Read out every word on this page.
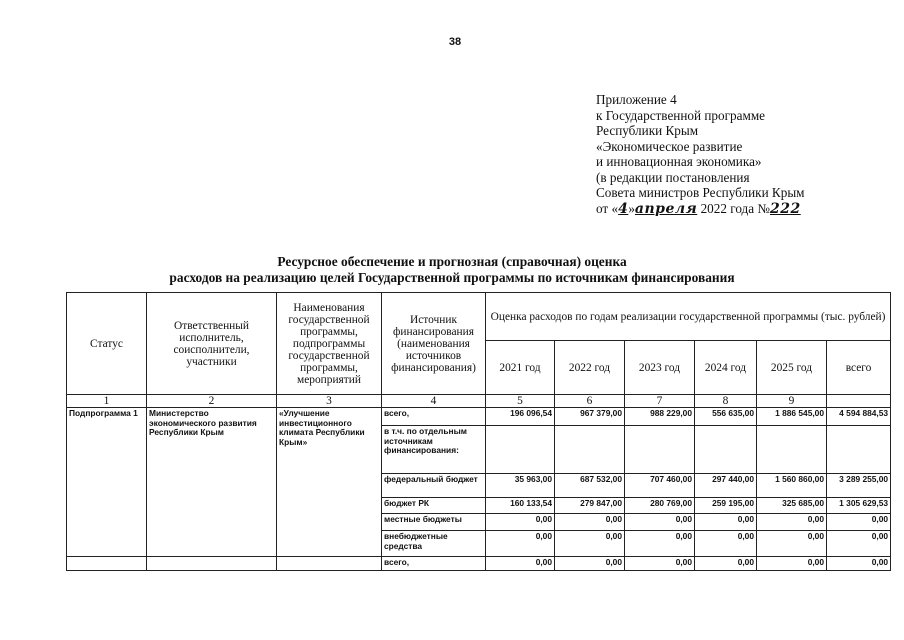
38
Приложение 4
к Государственной программе
Республики Крым
«Экономическое развитие
и инновационная экономика»
(в редакции постановления
Совета министров Республики Крым
от «4»апреля 2022 года №222
Ресурсное обеспечение и прогнозная (справочная) оценка
расходов на реализацию целей Государственной программы по источникам финансирования
Статус	Ответственный исполнитель, соисполнители, участники	Наименования государственной программы, подпрограммы государственной программы, мероприятий	Источник финансирования (наименования источников финансирования)	Оценка расходов по годам реализации государственной программы (тыс. рублей)					
				2021 год	2022 год	2023 год	2024 год	2025 год	всего
1	2	3	4	5	6	7	8	9	
Подпрограмма 1	Министерство экономического развития Республики Крым	«Улучшение инвестиционного климата Республики Крым»	всего,	196 096,54	967 379,00	988 229,00	556 635,00	1 886 545,00	4 594 884,53
			в т.ч. по отдельным источникам финансирования:						
			федеральный бюджет	35 963,00	687 532,00	707 460,00	297 440,00	1 560 860,00	3 289 255,00
			бюджет РК	160 133,54	279 847,00	280 769,00	259 195,00	325 685,00	1 305 629,53
			местные бюджеты	0,00	0,00	0,00	0,00	0,00	0,00
			внебюджетные средства	0,00	0,00	0,00	0,00	0,00	0,00
			всего,	0,00	0,00	0,00	0,00	0,00	0,00
